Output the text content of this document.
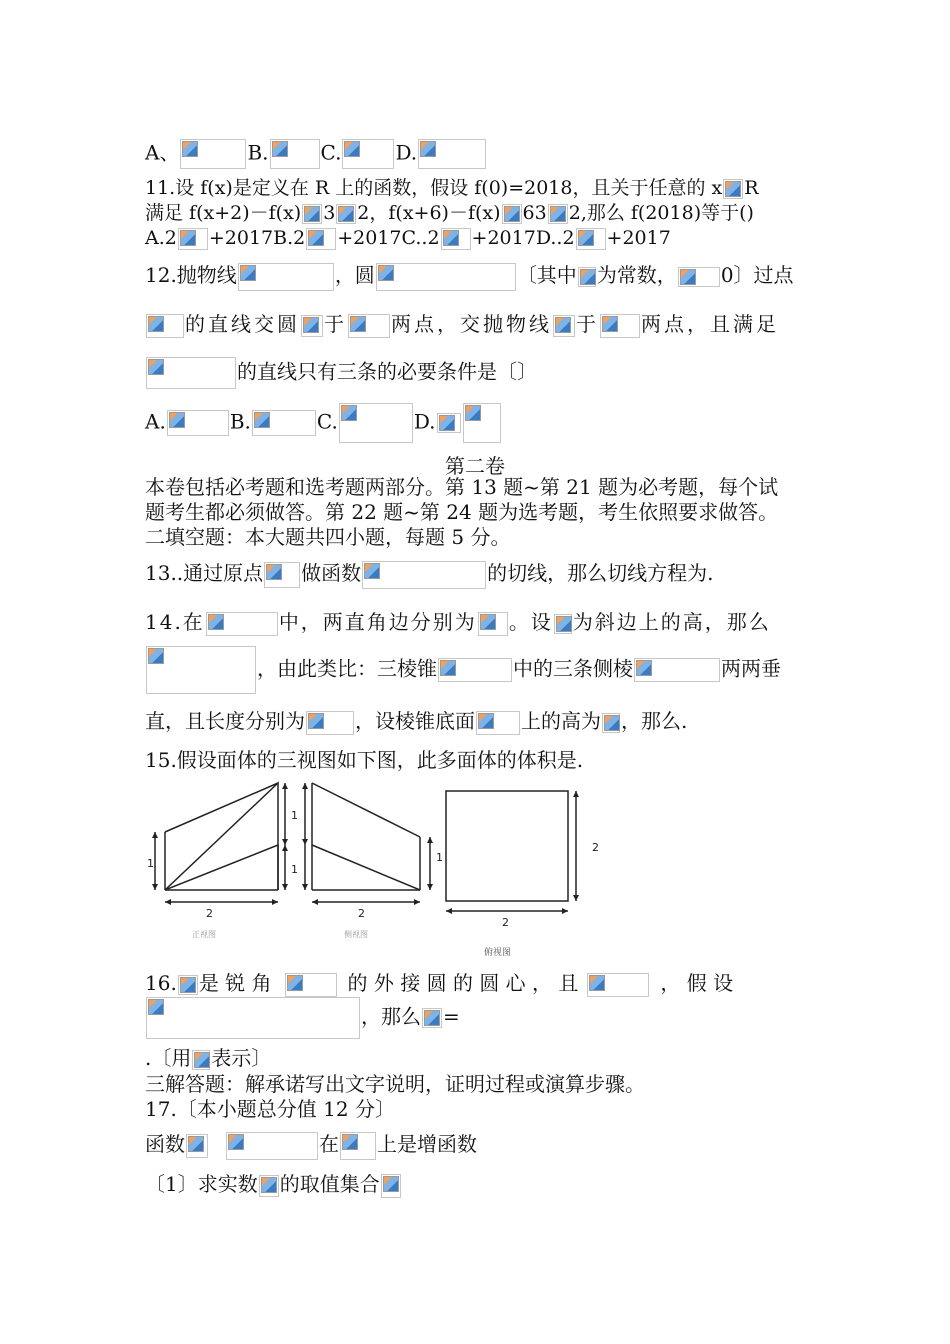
A、	B.	C.	D.
11.设 f(x)是定义在 R 上的函数，假设 f(0)=2018，且关于任意的 x R
满足 f(x+2)－f(x) 3 2，f(x+6)－f(x) 63 2,那么 f(2018)等于()
A.2 +2017B.2 +2017C..2 +2017D..2 +2017
12.抛物线	，圆	〔其中 为常数， 0〕过点
的直线交圆 于 两点，交抛物线 于 两点，且满足
的直线只有三条的必要条件是〔〕
A.	B.	C.	D.
第二卷
本卷包括必考题和选考题两部分。第 13 题~第 21 题为必考题，每个试
题考生都必须做答。第 22 题~第 24 题为选考题，考生依照要求做答。
二填空题：本大题共四小题，每题 5 分。
13..通过原点 做函数	的切线，那么切线方程为.
14.在	中，两直角边分别为 。设 为斜边上的高，那么
，由此类比：三棱锥	中的三条侧棱	两两垂
直，且长度分别为	，设棱锥底面 上的高为 ，那么.
15.假设面体的三视图如下图，此多面体的体积是.
1
1
1
1
2	2
2
2
正视图	侧视图
俯视图
16. 是 锐 角	的 外 接 圆 的 圆 心 ， 且	， 假 设
，那么 =
.〔用 表示〕
三解答题：解承诺写出文字说明，证明过程或演算步骤。
17.〔本小题总分值 12 分〕
函数	在 上是增函数
〔1〕求实数 的取值集合
